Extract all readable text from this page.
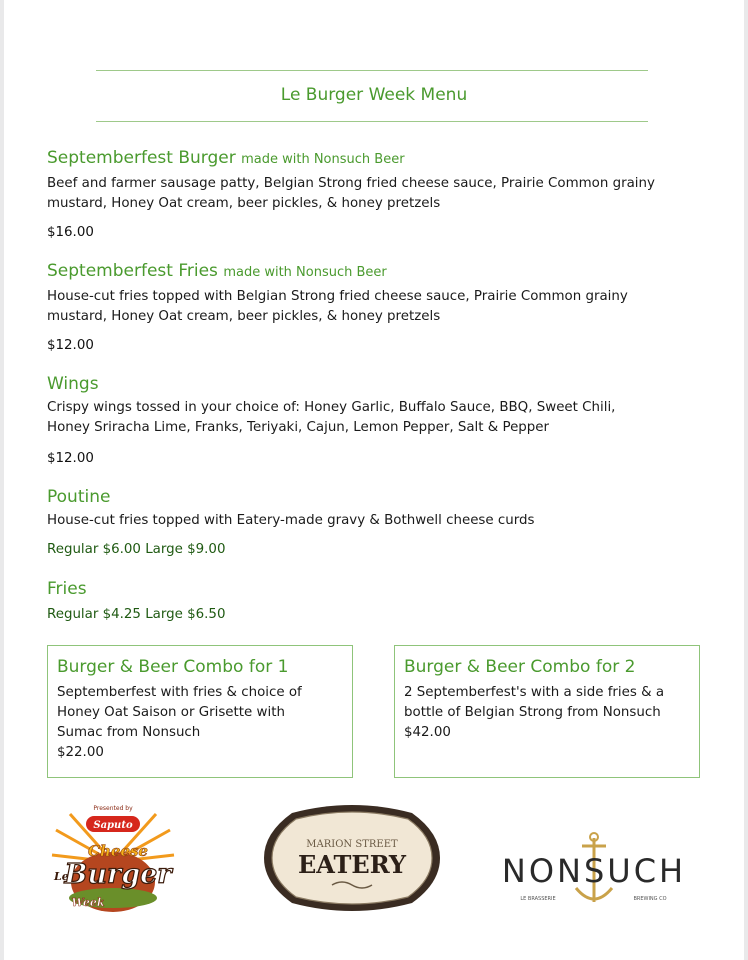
Le Burger Week Menu
Septemberfest Burger made with Nonsuch Beer
Beef and farmer sausage patty, Belgian Strong fried cheese sauce, Prairie Common grainy
mustard, Honey Oat cream, beer pickles, & honey pretzels
$16.00
Septemberfest Fries made with Nonsuch Beer
House-cut fries topped with Belgian Strong fried cheese sauce, Prairie Common grainy
mustard, Honey Oat cream, beer pickles, & honey pretzels
$12.00
Wings
Crispy wings tossed in your choice of: Honey Garlic, Buffalo Sauce, BBQ, Sweet Chili,
Honey Sriracha Lime, Franks, Teriyaki, Cajun, Lemon Pepper, Salt & Pepper
$12.00
Poutine
House-cut fries topped with Eatery-made gravy & Bothwell cheese curds
Regular $6.00 Large $9.00
Fries
Regular $4.25 Large $6.50
Burger & Beer Combo for 1
Septemberfest with fries & choice of
Honey Oat Saison or Grisette with
Sumac from Nonsuch
$22.00
Burger & Beer Combo for 2
2 Septemberfest's with a side fries & a
bottle of Belgian Strong from Nonsuch
$42.00
Presented by
Saputo
Cheese
Le
Burger
Week
MARION STREET
EATERY	NONSUCH
LE BRASSERIE	BREWING CO
